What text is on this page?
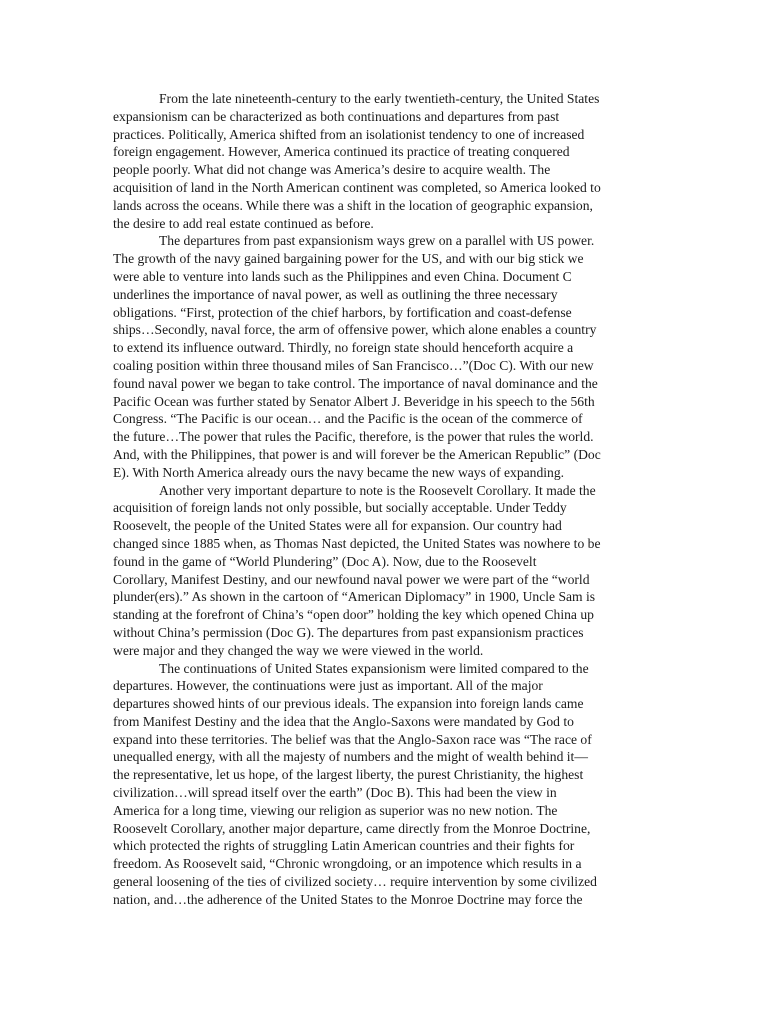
From the late nineteenth-century to the early twentieth-century, the United States
expansionism can be characterized as both continuations and departures from past
practices. Politically, America shifted from an isolationist tendency to one of increased
foreign engagement. However, America continued its practice of treating conquered
people poorly. What did not change was America’s desire to acquire wealth. The
acquisition of land in the North American continent was completed, so America looked to
lands across the oceans. While there was a shift in the location of geographic expansion,
the desire to add real estate continued as before.
The departures from past expansionism ways grew on a parallel with US power.
The growth of the navy gained bargaining power for the US, and with our big stick we
were able to venture into lands such as the Philippines and even China. Document C
underlines the importance of naval power, as well as outlining the three necessary
obligations. “First, protection of the chief harbors, by fortification and coast-defense
ships…Secondly, naval force, the arm of offensive power, which alone enables a country
to extend its influence outward. Thirdly, no foreign state should henceforth acquire a
coaling position within three thousand miles of San Francisco…”(Doc C). With our new
found naval power we began to take control. The importance of naval dominance and the
Pacific Ocean was further stated by Senator Albert J. Beveridge in his speech to the 56th
Congress. “The Pacific is our ocean… and the Pacific is the ocean of the commerce of
the future…The power that rules the Pacific, therefore, is the power that rules the world.
And, with the Philippines, that power is and will forever be the American Republic” (Doc
E). With North America already ours the navy became the new ways of expanding.
Another very important departure to note is the Roosevelt Corollary. It made the
acquisition of foreign lands not only possible, but socially acceptable. Under Teddy
Roosevelt, the people of the United States were all for expansion. Our country had
changed since 1885 when, as Thomas Nast depicted, the United States was nowhere to be
found in the game of “World Plundering” (Doc A). Now, due to the Roosevelt
Corollary, Manifest Destiny, and our newfound naval power we were part of the “world
plunder(ers).” As shown in the cartoon of “American Diplomacy” in 1900, Uncle Sam is
standing at the forefront of China’s “open door” holding the key which opened China up
without China’s permission (Doc G). The departures from past expansionism practices
were major and they changed the way we were viewed in the world.
The continuations of United States expansionism were limited compared to the
departures. However, the continuations were just as important. All of the major
departures showed hints of our previous ideals. The expansion into foreign lands came
from Manifest Destiny and the idea that the Anglo-Saxons were mandated by God to
expand into these territories. The belief was that the Anglo-Saxon race was “The race of
unequalled energy, with all the majesty of numbers and the might of wealth behind it—
the representative, let us hope, of the largest liberty, the purest Christianity, the highest
civilization…will spread itself over the earth” (Doc B). This had been the view in
America for a long time, viewing our religion as superior was no new notion. The
Roosevelt Corollary, another major departure, came directly from the Monroe Doctrine,
which protected the rights of struggling Latin American countries and their fights for
freedom. As Roosevelt said, “Chronic wrongdoing, or an impotence which results in a
general loosening of the ties of civilized society… require intervention by some civilized
nation, and…the adherence of the United States to the Monroe Doctrine may force the
